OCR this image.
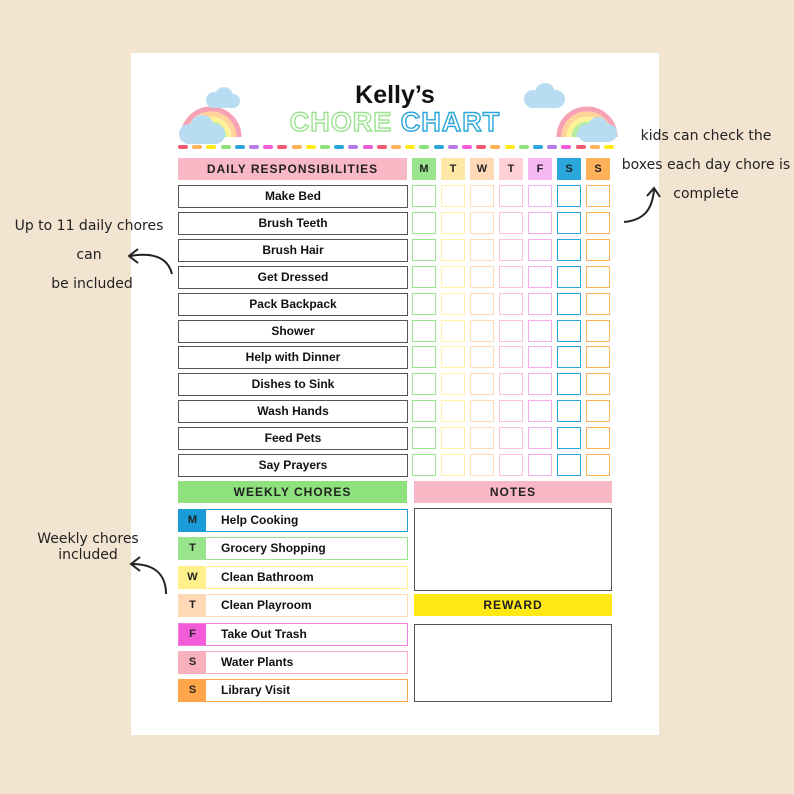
Kelly’s
CHORE CHART
DAILY RESPONSIBILITIES	M	T	W	T	F	S	S
Make Bed
Brush Teeth
Brush Hair
Get Dressed
Pack Backpack
Shower
Help with Dinner
Dishes to Sink
Wash Hands
Feed Pets
Say Prayers
WEEKLY CHORES
M	Help Cooking
T	Grocery Shopping
W	Clean Bathroom
T	Clean Playroom
F	Take Out Trash
S	Water Plants
S	Library Visit
NOTES
REWARD
kids can check the
boxes each day chore is
complete
Up to 11 daily chores can
be included
Weekly chores included
